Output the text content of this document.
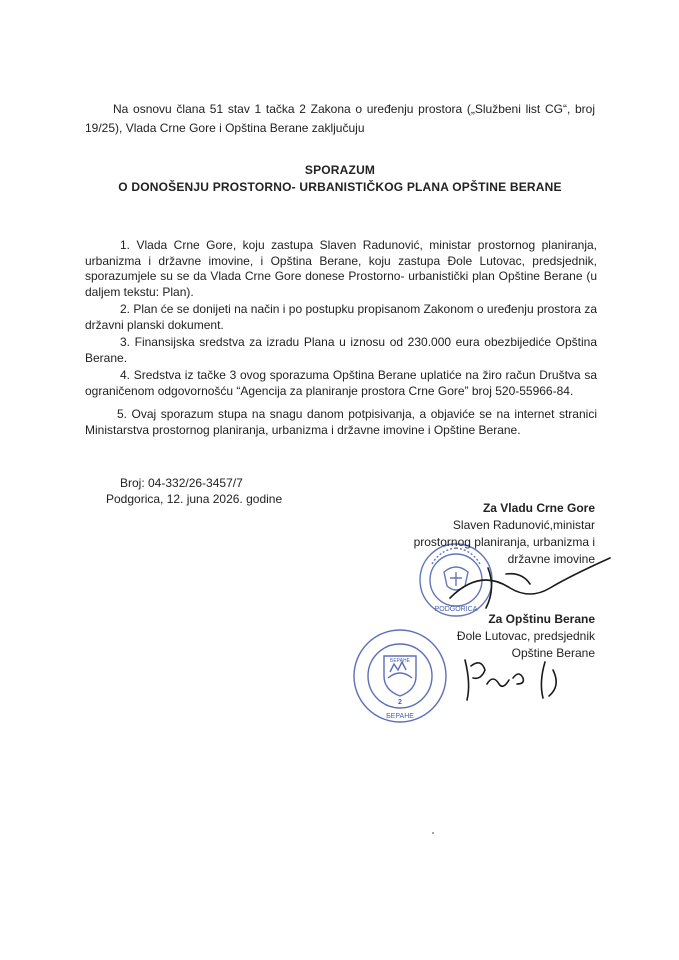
Na osnovu člana 51 stav 1 tačka 2 Zakona o uređenju prostora („Službeni list CG“, broj 19/25), Vlada Crne Gore i Opština Berane zaključuju
SPORAZUM
O DONOŠENJU PROSTORNO- URBANISTIČKOG PLANA OPŠTINE BERANE

1. Vlada Crne Gore, koju zastupa Slaven Radunović, ministar prostornog planiranja, urbanizma i državne imovine, i Opština Berane, koju zastupa Đole Lutovac, predsjednik, sporazumjele su se da Vlada Crne Gore donese Prostorno- urbanistički plan Opštine Berane (u daljem tekstu: Plan).

2. Plan će se donijeti na način i po postupku propisanom Zakonom o uređenju prostora za državni planski dokument.

3. Finansijska sredstva za izradu Plana u iznosu od 230.000 eura obezbijediće Opština Berane.

4. Sredstva iz tačke 3 ovog sporazuma Opština Berane uplatiće na žiro račun Društva sa ograničenom odgovornošću “Agencija za planiranje prostora Crne Gore” broj 520-55966-84.

5. Ovaj sporazum stupa na snagu danom potpisivanja, a objaviće se na internet stranici Ministarstva prostornog planiranja, urbanizma i državne imovine i Opštine Berane.

Broj: 04-332/26-3457/7
Podgorica, 12. juna 2026. godine
PODGORICA
Za Vladu Crne Gore
Slaven Radunović,ministar
prostornog planiranja, urbanizma i
državne imovine
БЕРАНЕ
2
БЕРАНЕ
Za Opštinu Berane
Đole Lutovac, predsjednik
Opštine Berane
